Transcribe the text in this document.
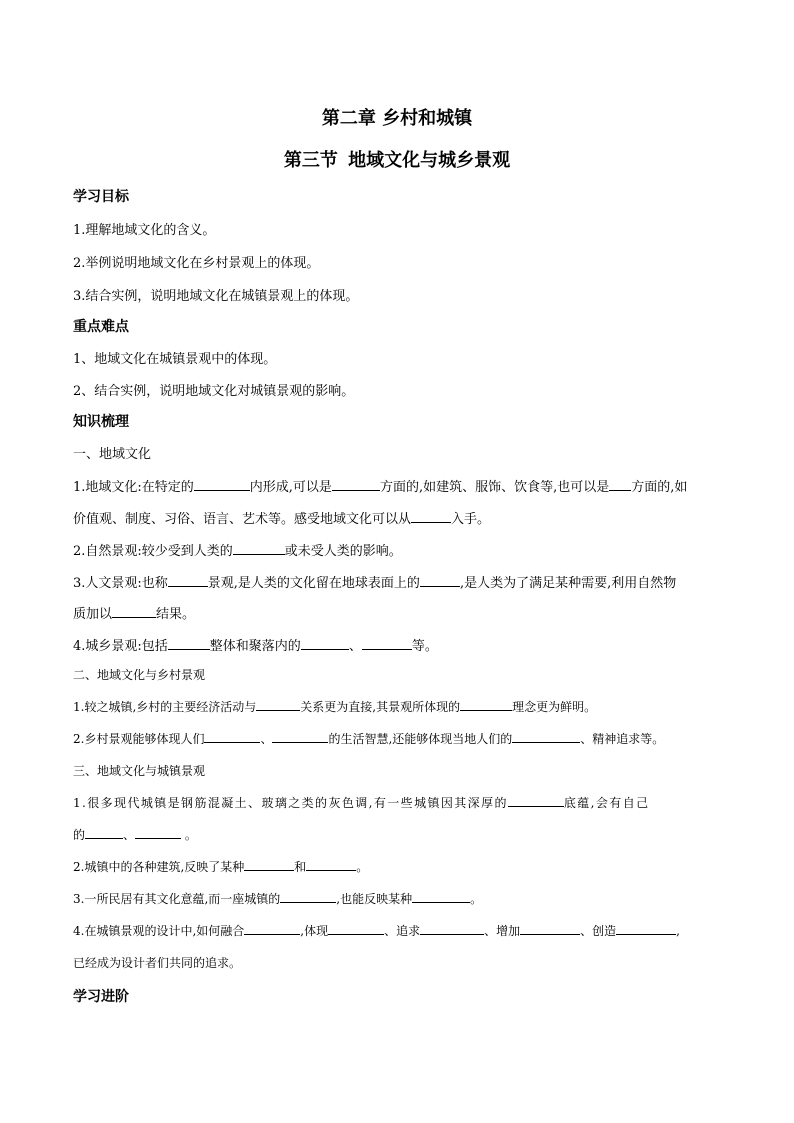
第二章 乡村和城镇
第三节 地域文化与城乡景观
学习目标
1.理解地域文化的含义。
2.举例说明地域文化在乡村景观上的体现。
3.结合实例，说明地域文化在城镇景观上的体现。
重点难点
1、地域文化在城镇景观中的体现。
2、结合实例，说明地域文化对城镇景观的影响。
知识梳理
一、地域文化
1.地域文化:在特定的	内形成,可以是	方面的,如建筑、服饰、饮食等,也可以是 方面的,如
价值观、制度、习俗、语言、艺术等。感受地域文化可以从	入手。
2.自然景观:较少受到人类的	或未受人类的影响。
3.人文景观:也称	景观,是人类的文化留在地球表面上的	,是人类为了满足某种需要,利用自然物
质加以	结果。
4.城乡景观:包括	整体和聚落内的	、	等。
二、地域文化与乡村景观
1.较之城镇,乡村的主要经济活动与	关系更为直接,其景观所体现的	理念更为鲜明。
2.乡村景观能够体现人们	、	的生活智慧,还能够体现当地人们的	、精神追求等。
三、地域文化与城镇景观
1.很多现代城镇是钢筋混凝土、玻璃之类的灰色调,有一些城镇因其深厚的	底蕴,会有自己
的	、	。
2.城镇中的各种建筑,反映了某种	和	。
3.一所民居有其文化意蕴,而一座城镇的	,也能反映某种	。
4.在城镇景观的设计中,如何融合	,体现	、追求	、增加	、创造	,
已经成为设计者们共同的追求。
学习进阶
